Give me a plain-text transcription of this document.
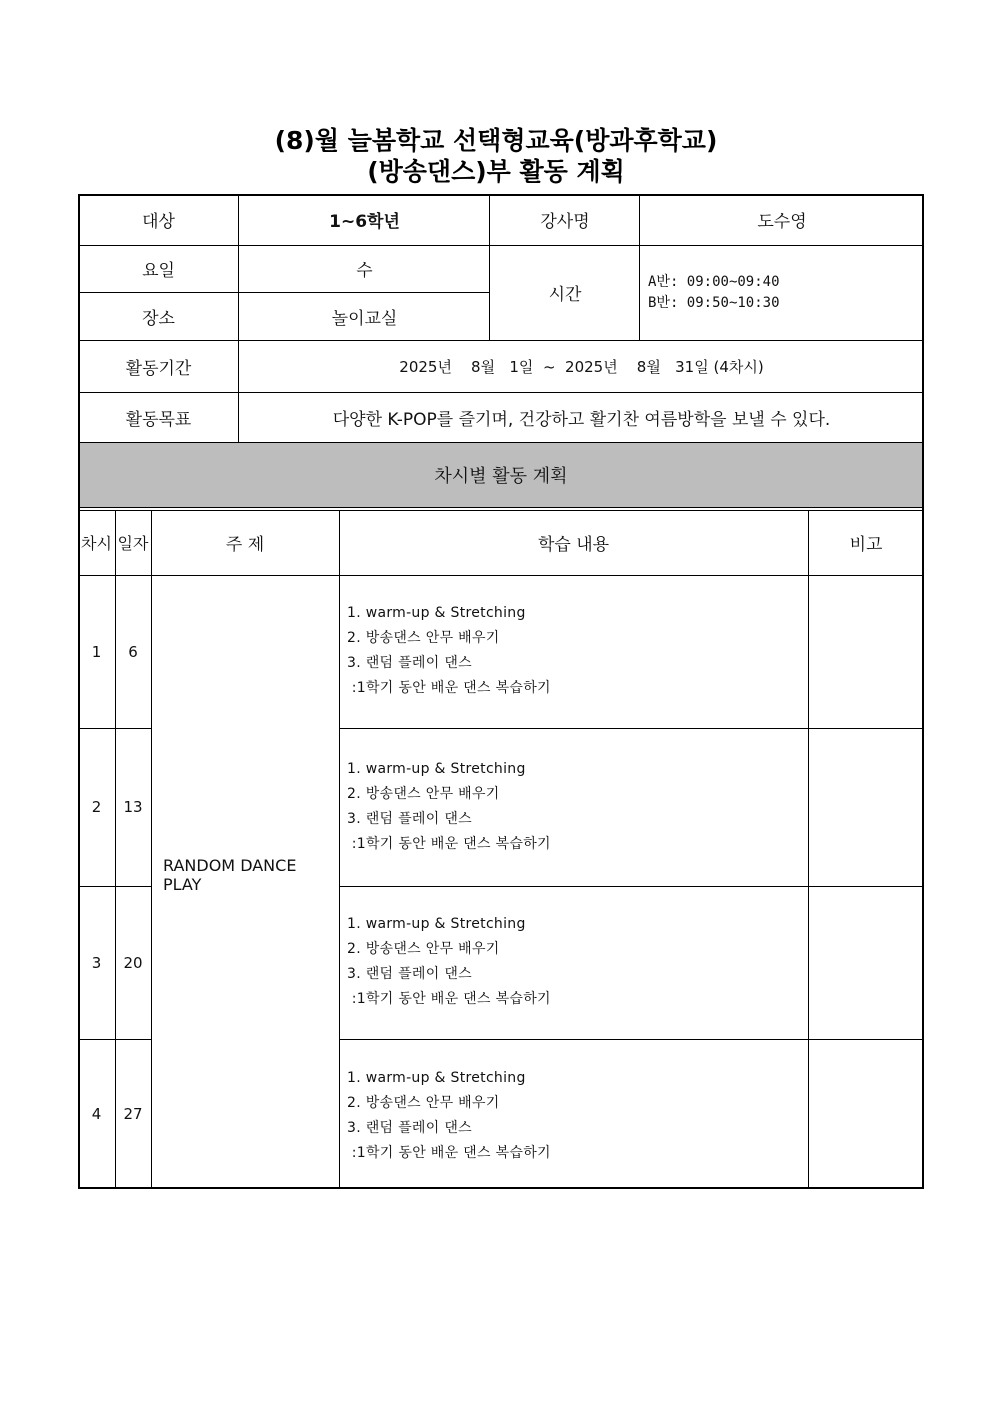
(8)월 늘봄학교 선택형교육(방과후학교)
(방송댄스)부 활동 계획
대상	1~6학년	강사명	도수영
요일	수
장소	놀이교실
시간
A반: 09:00~09:40
B반: 09:50~10:30
활동기간	2025년    8월   1일  ~  2025년    8월   31일 (4차시)
활동목표	다양한 K-POP를 즐기며, 건강하고 활기찬 여름방학을 보낼 수 있다.
차시별 활동 계획
차시 일자	주 제	학습 내용	비고
RANDOM DANCE PLAY
1	6
1. warm-up & Stretching
2. 방송댄스 안무 배우기
3. 랜덤 플레이 댄스
:1학기 동안 배운 댄스 복습하기
2	13
1. warm-up & Stretching
2. 방송댄스 안무 배우기
3. 랜덤 플레이 댄스
:1학기 동안 배운 댄스 복습하기
3	20
1. warm-up & Stretching
2. 방송댄스 안무 배우기
3. 랜덤 플레이 댄스
:1학기 동안 배운 댄스 복습하기
4	27
1. warm-up & Stretching
2. 방송댄스 안무 배우기
3. 랜덤 플레이 댄스
:1학기 동안 배운 댄스 복습하기
